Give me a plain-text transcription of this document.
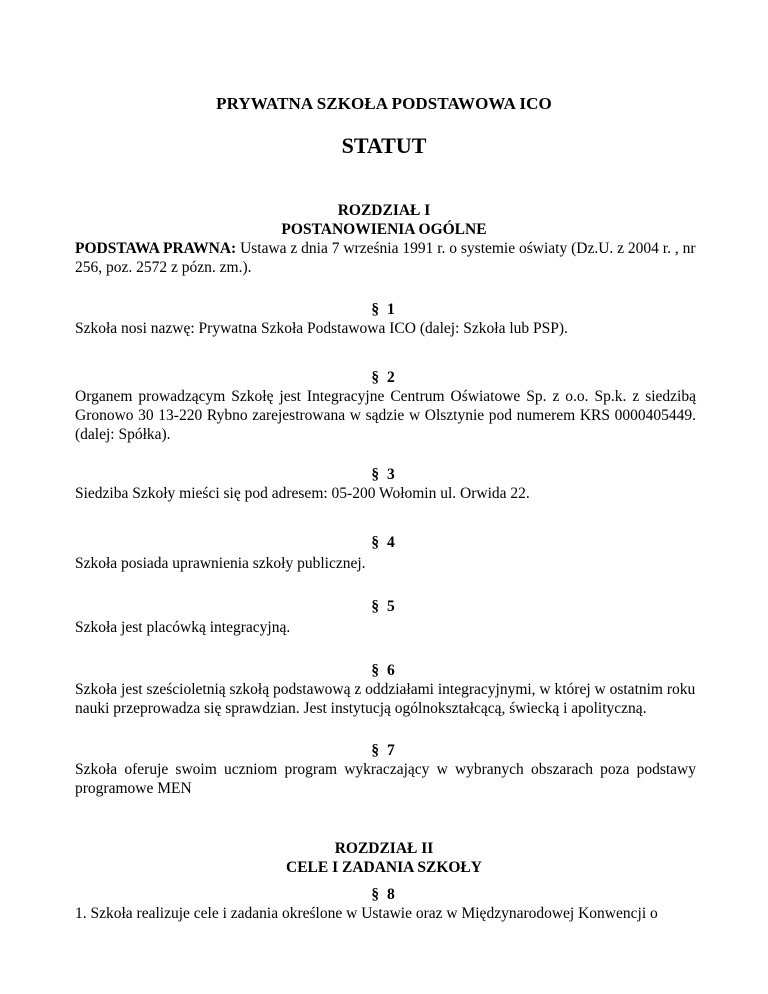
PRYWATNA SZKOŁA PODSTAWOWA ICO

STATUT

ROZDZIAŁ I

POSTANOWIENIA OGÓLNE

PODSTAWA PRAWNA: Ustawa z dnia 7 września 1991 r. o systemie oświaty (Dz.U. z 2004 r. , nr 256, poz. 2572 z pózn. zm.).

§ 1

Szkoła nosi nazwę: Prywatna Szkoła Podstawowa ICO (dalej: Szkoła lub PSP).

§ 2

Organem prowadzącym Szkołę jest Integracyjne Centrum Oświatowe Sp. z o.o. Sp.k. z siedzibą Gronowo 30 13-220 Rybno zarejestrowana w sądzie w Olsztynie pod numerem KRS 0000405449. (dalej: Spółka).

§ 3

Siedziba Szkoły mieści się pod adresem: 05-200 Wołomin ul. Orwida 22.

§ 4

Szkoła posiada uprawnienia szkoły publicznej.

§ 5

Szkoła jest placówką integracyjną.

§ 6

Szkoła jest sześcioletnią szkołą podstawową z oddziałami integracyjnymi, w której w ostatnim roku nauki przeprowadza się sprawdzian. Jest instytucją ogólnokształcącą, świecką i apolityczną.

§ 7

Szkoła oferuje swoim uczniom program wykraczający w wybranych obszarach poza podstawy programowe MEN

ROZDZIAŁ II

CELE I ZADANIA SZKOŁY

§ 8

1. Szkoła realizuje cele i zadania określone w Ustawie oraz w Międzynarodowej Konwencji o
